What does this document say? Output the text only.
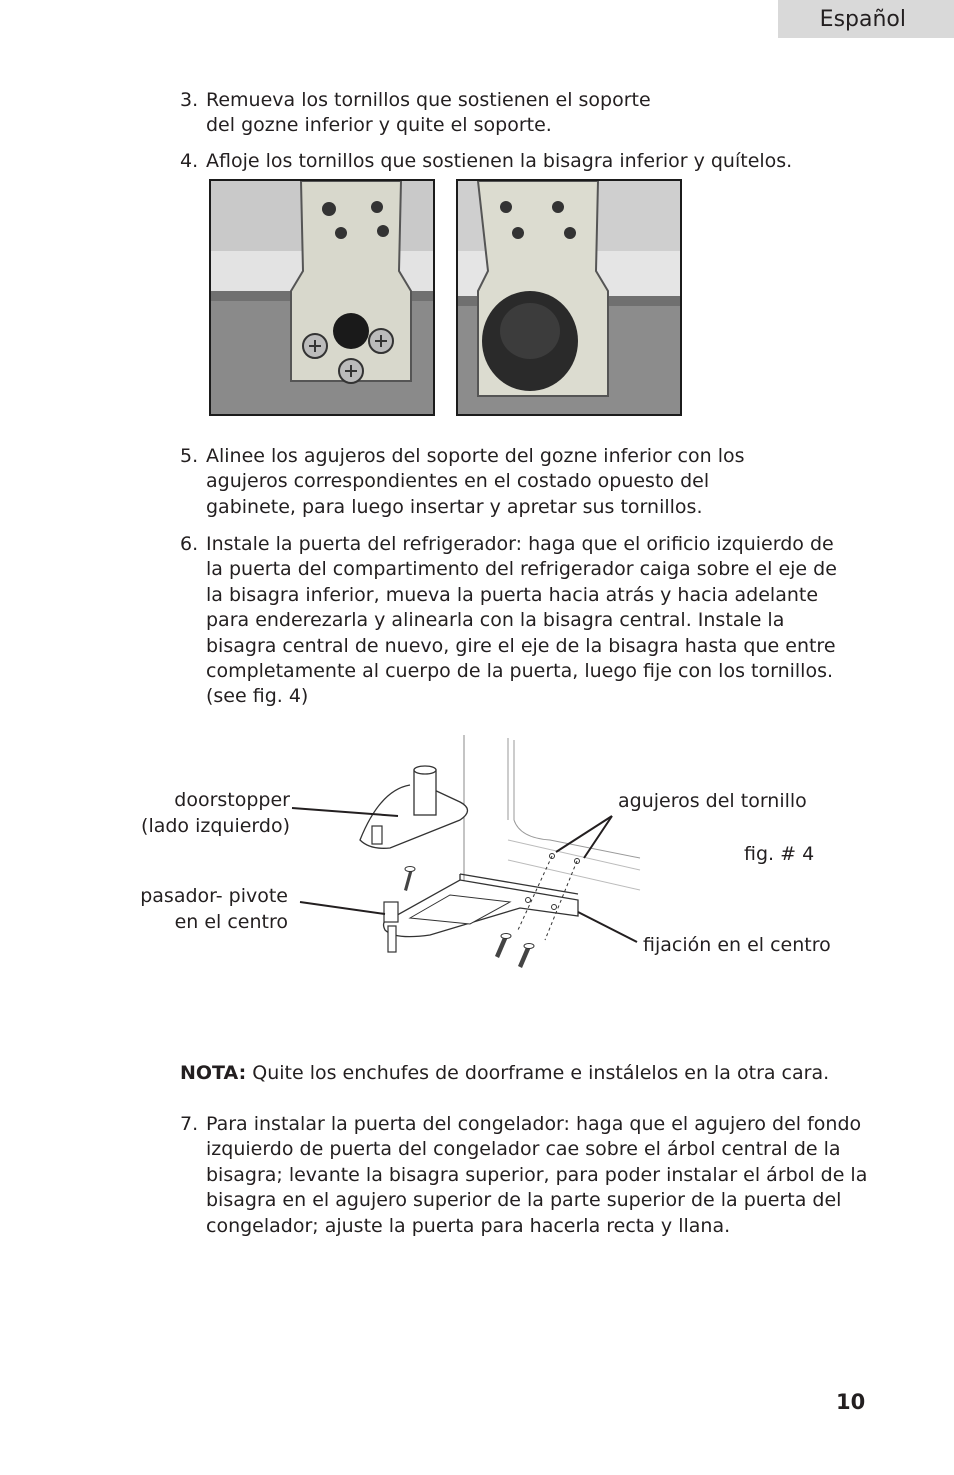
Español
3. Remueva los tornillos que sostienen el soporte del gozne inferior y quite el soporte.
4. Afloje los tornillos que sostienen la bisagra inferior y quítelos.
5. Alinee los agujeros del soporte del gozne inferior con los agujeros correspondientes en el costado opuesto del gabinete, para luego insertar y apretar sus tornillos.
6. Instale la puerta del refrigerador: haga que el orificio izquierdo de la puerta del compartimento del refrigerador caiga sobre el eje de la bisagra inferior, mueva la puerta hacia atrás y hacia adelante para enderezarla y alinearla con la bisagra central. Instale la bisagra central de nuevo, gire el eje de la bisagra hasta que entre completamente al cuerpo de la puerta, luego fije con los tornillos. (see fig. 4)
doorstopper
(lado izquierdo)
pasador- pivote
en el centro
agujeros del tornillo
fig. # 4
fijación en el centro
NOTA: Quite los enchufes de doorframe e instálelos en la otra cara.
7. Para instalar la puerta del congelador: haga que el agujero del fondo izquierdo de puerta del congelador cae sobre el árbol central de la bisagra; levante la bisagra superior, para poder instalar el árbol de la bisagra en el agujero superior de la parte superior de la puerta del congelador; ajuste la puerta para hacerla recta y llana.
10
